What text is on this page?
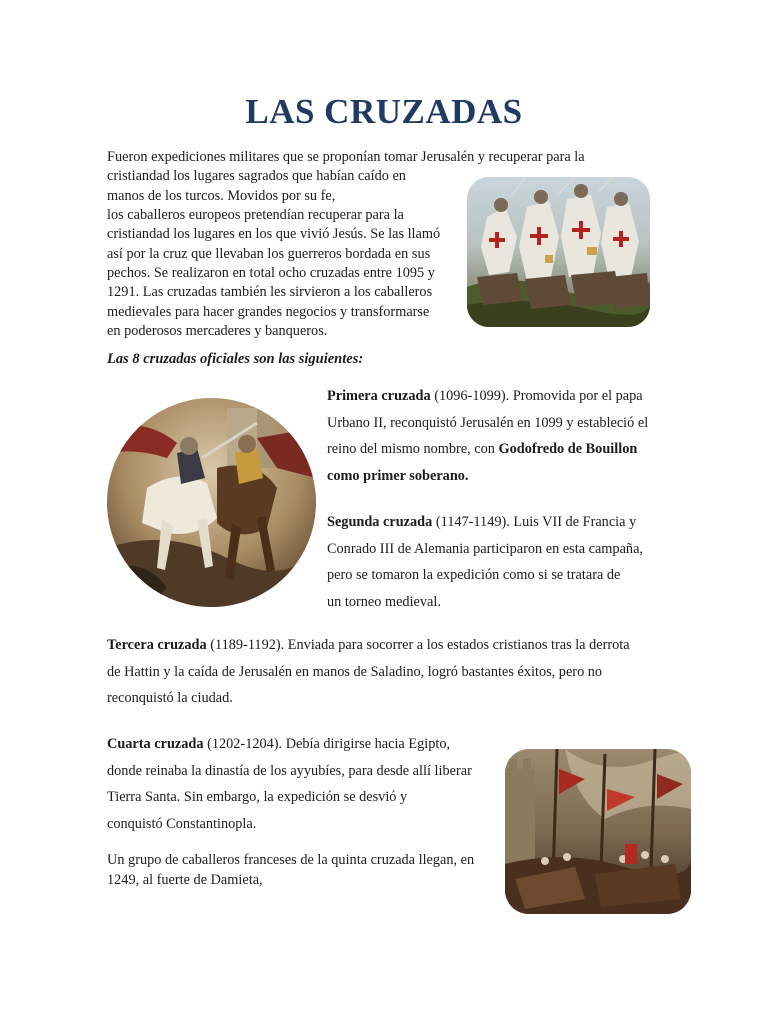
LAS CRUZADAS
Fueron expediciones militares que se proponían tomar Jerusalén y recuperar para la
cristiandad los lugares sagrados que habían caído en
manos de los turcos. Movidos por su fe,
los caballeros europeos pretendían recuperar para la
cristiandad los lugares en los que vivió Jesús. Se las llamó
así por la cruz que llevaban los guerreros bordada en sus
pechos. Se realizaron en total ocho cruzadas entre 1095 y
1291. Las cruzadas también les sirvieron a los caballeros
medievales para hacer grandes negocios y transformarse
en poderosos mercaderes y banqueros.
Las 8 cruzadas oficiales son las siguientes:
Primera cruzada (1096-1099). Promovida por el papa
Urbano II, reconquistó Jerusalén en 1099 y estableció el
reino del mismo nombre, con Godofredo de Bouillon
como primer soberano.
Segunda cruzada (1147-1149). Luis VII de Francia y
Conrado III de Alemania participaron en esta campaña,
pero se tomaron la expedición como si se tratara de
un torneo medieval.
Tercera cruzada (1189-1192). Enviada para socorrer a los estados cristianos tras la derrota
de Hattin y la caída de Jerusalén en manos de Saladino, logró bastantes éxitos, pero no
reconquistó la ciudad.
Cuarta cruzada (1202-1204). Debía dirigirse hacia Egipto,
donde reinaba la dinastía de los ayyubíes, para desde allí liberar
Tierra Santa. Sin embargo, la expedición se desvió y
conquistó Constantinopla.
Un grupo de caballeros franceses de la quinta cruzada llegan, en
1249, al fuerte de Damieta,
